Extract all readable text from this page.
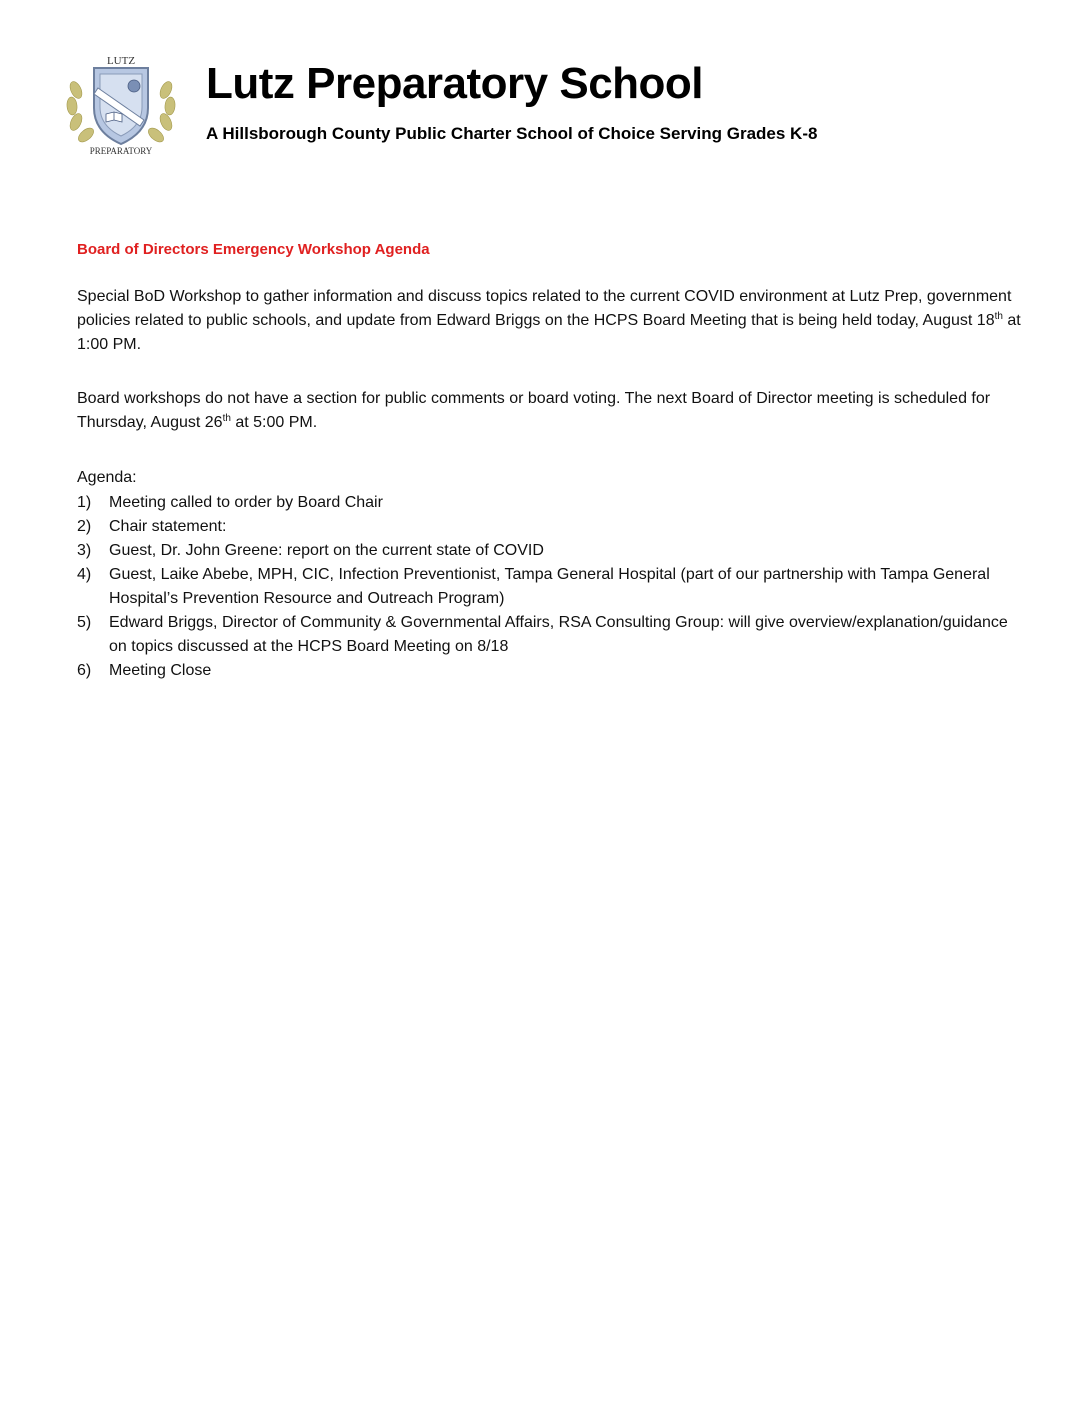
LUTZ
PREPARATORY
Lutz Preparatory School

A Hillsborough County Public Charter School of Choice Serving Grades K-8

Board of Directors Emergency Workshop Agenda

Special BoD Workshop to gather information and discuss topics related to the current COVID environment at Lutz Prep, government policies related to public schools, and update from Edward Briggs on the HCPS Board Meeting that is being held today, August 18th at 1:00 PM.

Board workshops do not have a section for public comments or board voting. The next Board of Director meeting is scheduled for Thursday, August 26th at 5:00 PM.

Agenda:

1)	Meeting called to order by Board Chair
2)	Chair statement:
3)	Guest, Dr. John Greene: report on the current state of COVID
4)	Guest, Laike Abebe, MPH, CIC, Infection Preventionist, Tampa General Hospital (part of our partnership with Tampa General Hospital’s Prevention Resource and Outreach Program)
5)	Edward Briggs, Director of Community & Governmental Affairs, RSA Consulting Group: will give overview/explanation/guidance on topics discussed at the HCPS Board Meeting on 8/18
6)	Meeting Close
